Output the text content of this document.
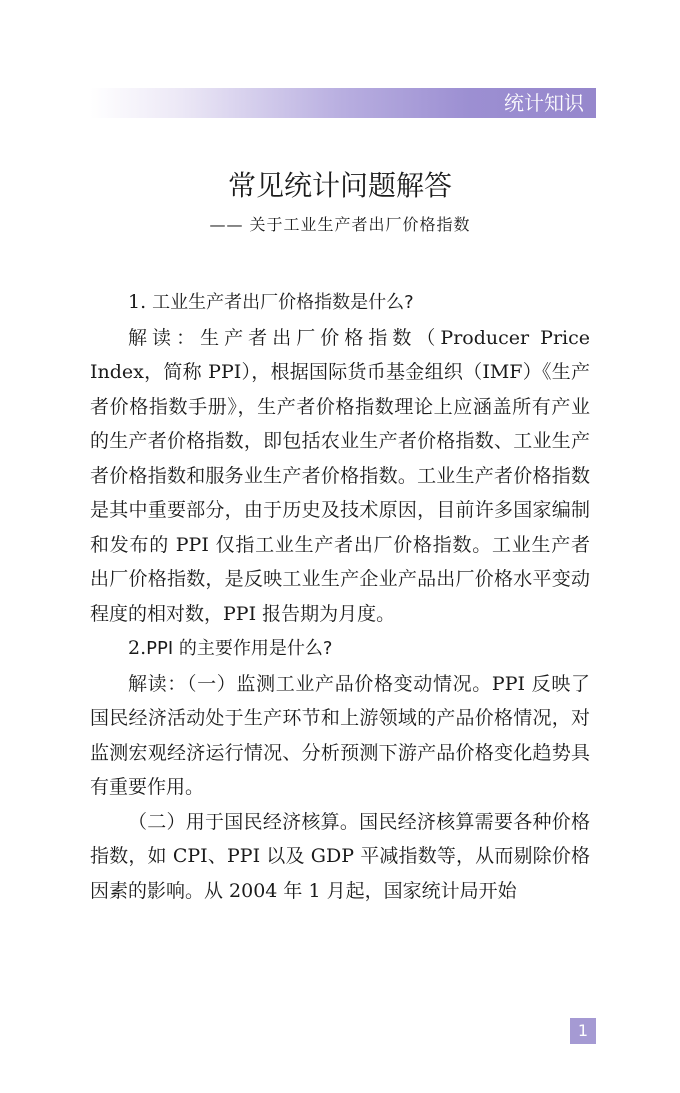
统计知识
常见统计问题解答
—— 关于工业生产者出厂价格指数

1. 工业生产者出厂价格指数是什么?

解读：生产者出厂价格指数（Producer Price Index，简称 PPI），根据国际货币基金组织（IMF）《生产者价格指数手册》，生产者价格指数理论上应涵盖所有产业的生产者价格指数，即包括农业生产者价格指数、工业生产者价格指数和服务业生产者价格指数。工业生产者价格指数是其中重要部分，由于历史及技术原因，目前许多国家编制和发布的 PPI 仅指工业生产者出厂价格指数。工业生产者出厂价格指数，是反映工业生产企业产品出厂价格水平变动程度的相对数，PPI 报告期为月度。

2.PPI 的主要作用是什么?

解读：（一）监测工业产品价格变动情况。PPI 反映了国民经济活动处于生产环节和上游领域的产品价格情况，对监测宏观经济运行情况、分析预测下游产品价格变化趋势具有重要作用。

（二）用于国民经济核算。国民经济核算需要各种价格指数，如 CPI、PPI 以及 GDP 平减指数等，从而剔除价格因素的影响。从 2004 年 1 月起，国家统计局开始

1
